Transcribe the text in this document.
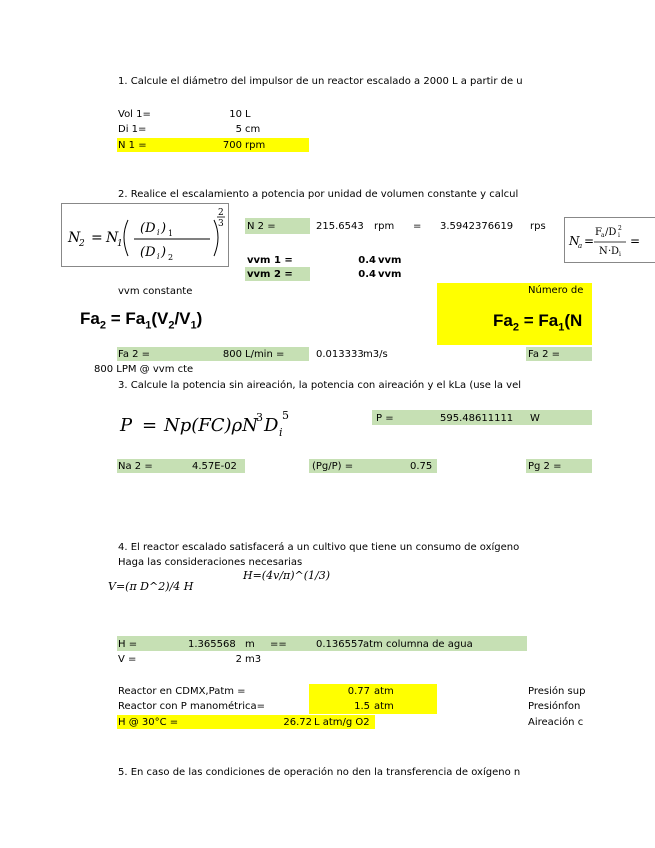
1. Calcule el diámetro del impulsor de un reactor escalado a 2000 L a partir de u
Vol 1=	10 L
Di 1=	5 cm
N 1 =	700 rpm
2. Realice el escalamiento a potencia por unidad de volumen constante y calcul
N
2 = N
1
(D i ) 1
(D i ) 2
2
3 N 2 =	215.6543 rpm = 3.5942376619 rps
N
a =
F a /D 2
i
N · D i
=
vvm 1 =	0.4 vvm
vvm 2 =	0.4 vvm
vvm constante
$Fa_2 = Fa_1(V_2/V_1)$
Número de
$Fa_2 = Fa_1(N$
Fa 2 =	800 L/min =	0.013333 m3/s	Fa 2 =
800 LPM @ vvm cte
3. Calcule la potencia sin aireación, la potencia con aireación y el kLa (use la vel
P = Np(FC)ρN
3 D i
5	P =	595.48611111 W
Na 2 =	4.57E-02	(Pg/P) =	0.75	Pg 2 =
4. El reactor escalado satisfacerá a un cultivo que tiene un consumo de oxígeno
Haga las consideraciones necesarias
H=(4v/π)^(1/3)
V=(π D^2)/4 H
H =	1.365568 m ==	0.136557 atm columna de agua
V =	2 m3
Reactor en CDMX,Patm =	0.77 atm	Presión sup
Reactor con P manométrica=	1.5 atm	Presiónfon
H @ 30°C =	26.72 L atm/g O2	Aireación c
5. En caso de las condiciones de operación no den la transferencia de oxígeno n
